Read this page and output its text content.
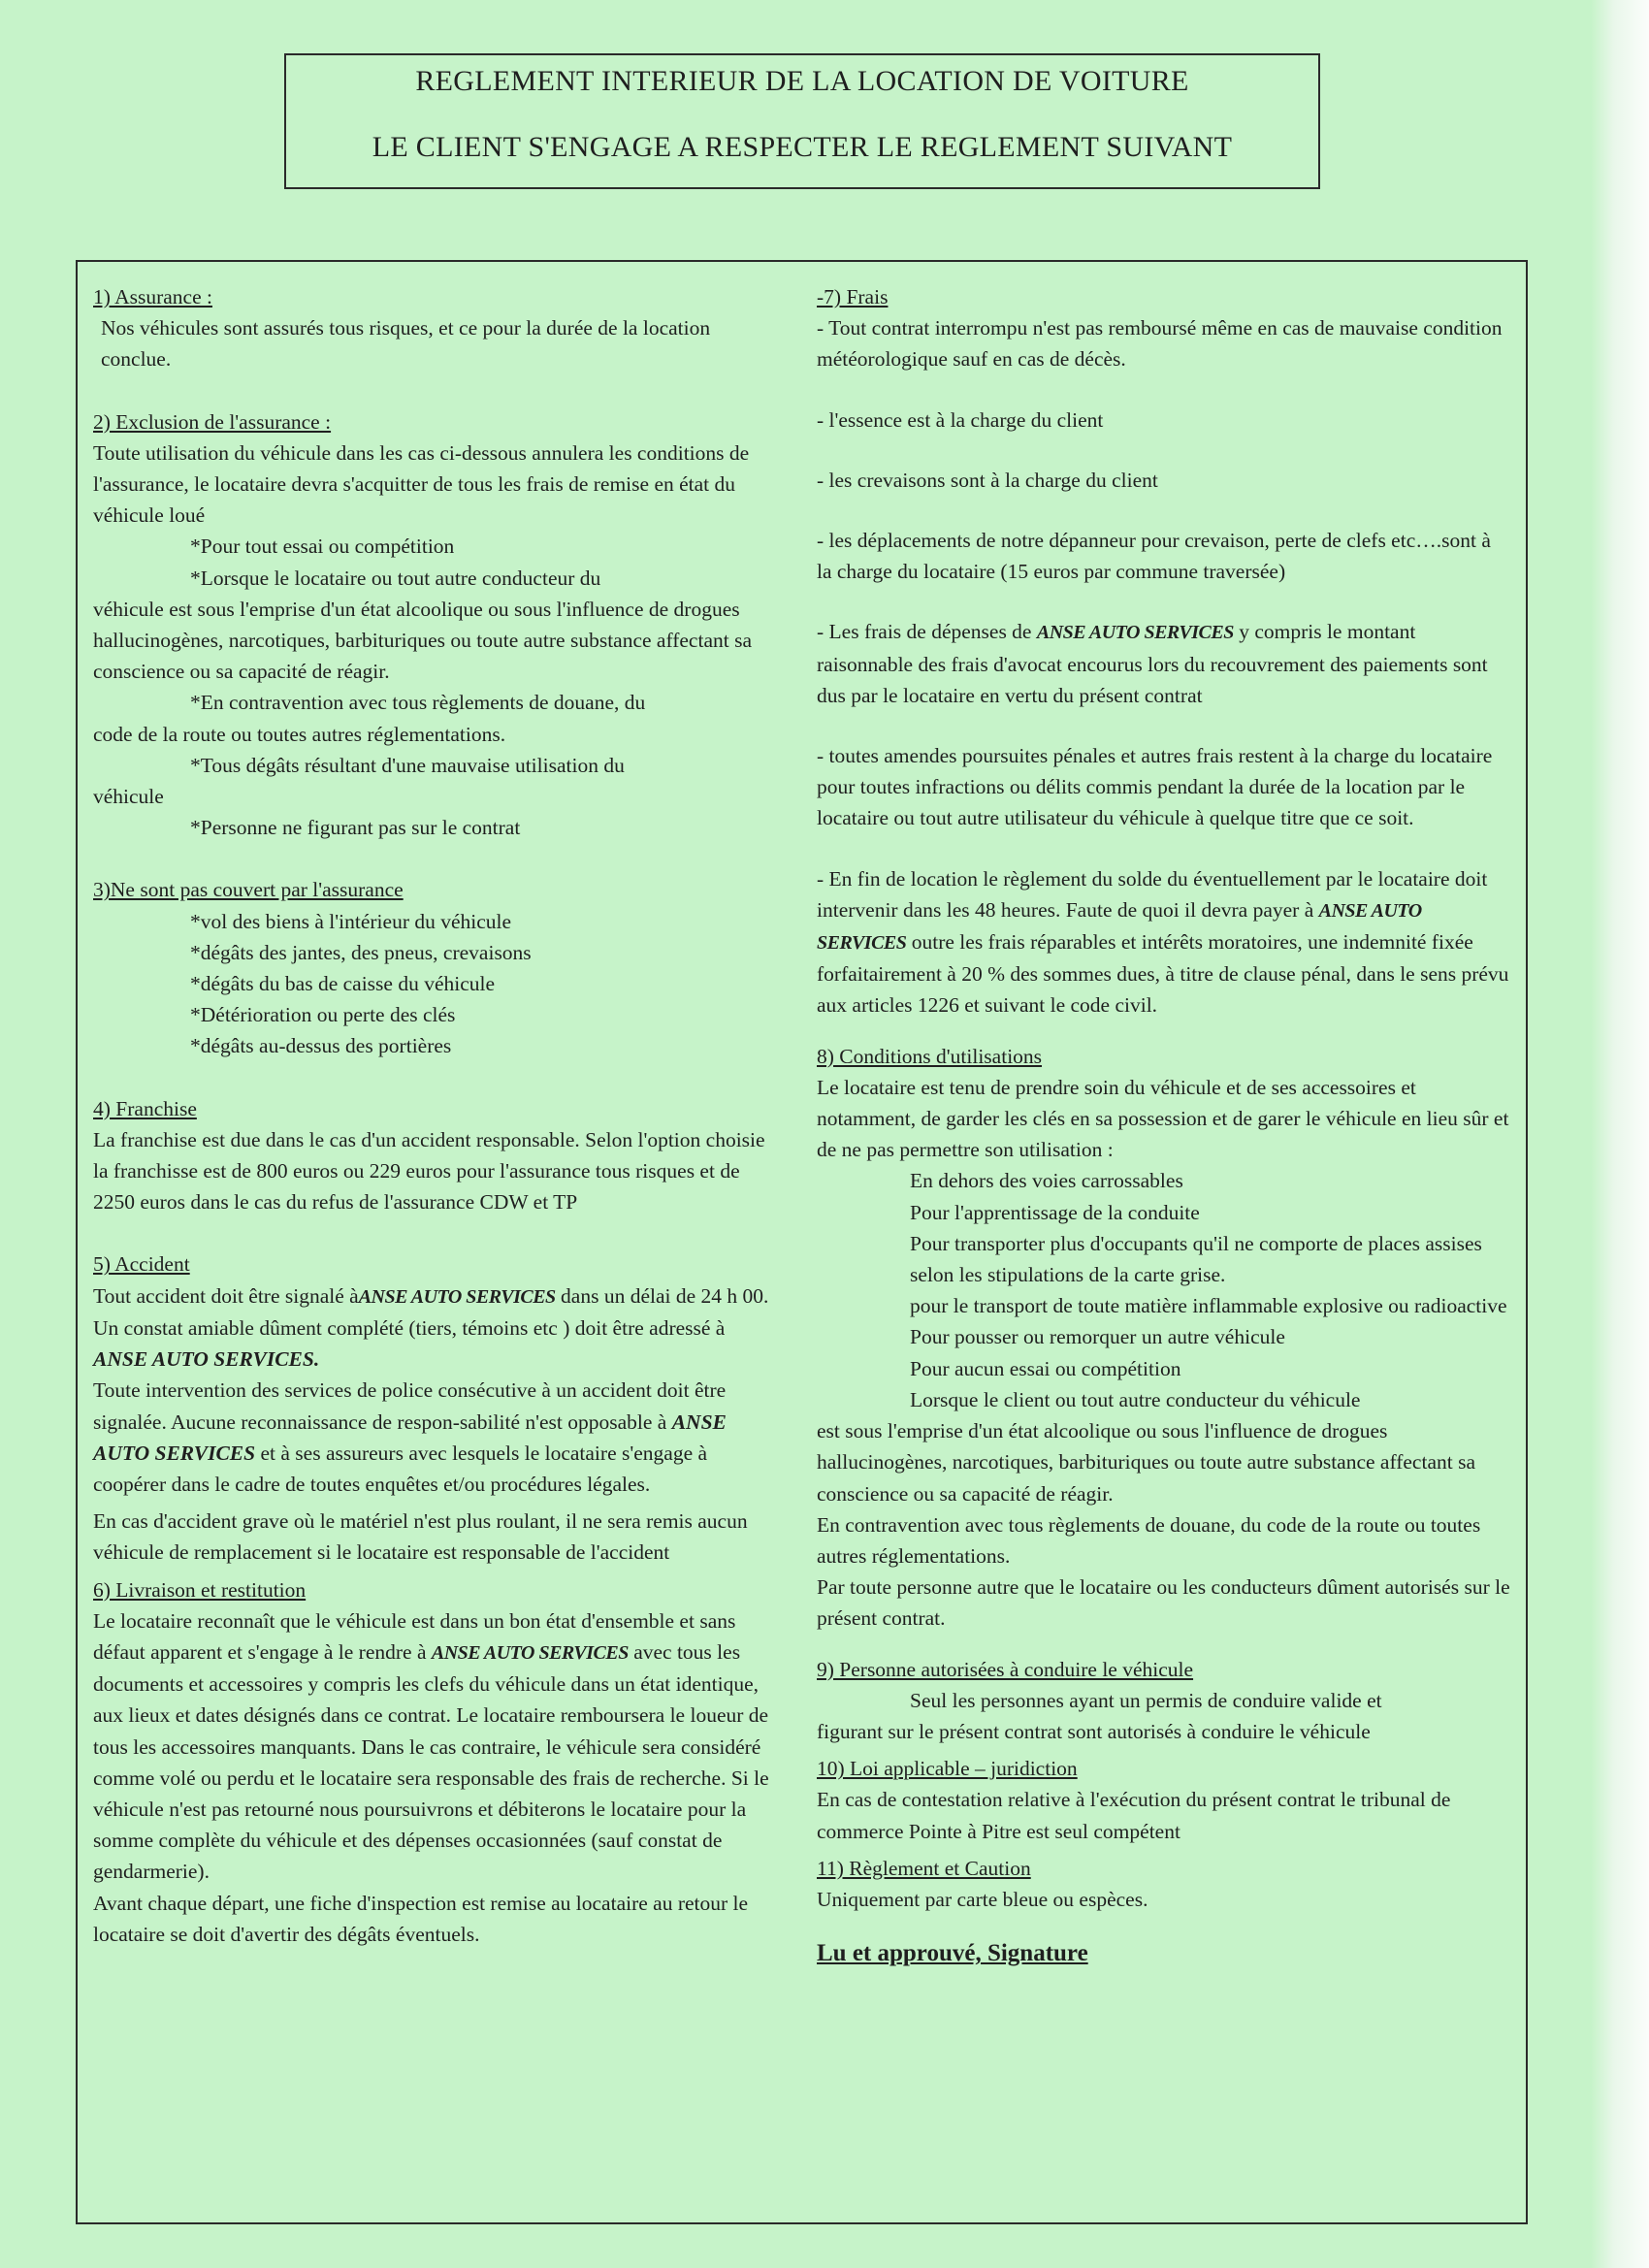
REGLEMENT INTERIEUR DE LA LOCATION DE VOITURE
LE CLIENT S'ENGAGE A RESPECTER LE REGLEMENT SUIVANT
1) Assurance :

Nos véhicules sont assurés tous risques, et ce pour la durée de la location conclue.

2) Exclusion de l'assurance :

Toute utilisation du véhicule dans les cas ci-dessous annulera les conditions de l'assurance, le locataire devra s'acquitter de tous les frais de remise en état du véhicule loué

*Pour tout essai ou compétition

*Lorsque le locataire ou tout autre conducteur du

véhicule est sous l'emprise d'un état alcoolique ou sous l'influence de drogues hallucinogènes, narcotiques, barbituriques ou toute autre substance affectant sa conscience ou sa capacité de réagir.

*En contravention avec tous règlements de douane, du

code de la route ou toutes autres réglementations.

*Tous dégâts résultant d'une mauvaise utilisation du

véhicule

*Personne ne figurant pas sur le contrat

3)Ne sont pas couvert par l'assurance

*vol des biens à l'intérieur du véhicule

*dégâts des jantes, des pneus, crevaisons

*dégâts du bas de caisse du véhicule

*Détérioration ou perte des clés

*dégâts au-dessus des portières

4) Franchise

La franchise est due dans le cas d'un accident responsable. Selon l'option choisie la franchisse est de 800 euros ou 229 euros pour l'assurance tous risques et de 2250 euros dans le cas du refus de l'assurance CDW et TP

5) Accident

Tout accident doit être signalé àANSE AUTO SERVICES dans un délai de 24 h 00.

Un constat amiable dûment complété (tiers, témoins etc ) doit être adressé à ANSE AUTO SERVICES.

Toute intervention des services de police consécutive à un accident doit être signalée. Aucune reconnaissance de respon-sabilité n'est opposable à ANSE AUTO SERVICES et à ses assureurs avec lesquels le locataire s'engage à coopérer dans le cadre de toutes enquêtes et/ou procédures légales.

En cas d'accident grave où le matériel n'est plus roulant, il ne sera remis aucun véhicule de remplacement si le locataire est responsable de l'accident

6) Livraison et restitution

Le locataire reconnaît que le véhicule est dans un bon état d'ensemble et sans défaut apparent et s'engage à le rendre à ANSE AUTO SERVICES avec tous les documents et accessoires y compris les clefs du véhicule dans un état identique, aux lieux et dates désignés dans ce contrat. Le locataire remboursera le loueur de tous les accessoires manquants. Dans le cas contraire, le véhicule sera considéré comme volé ou perdu et le locataire sera responsable des frais de recherche. Si le véhicule n'est pas retourné nous poursuivrons et débiterons le locataire pour la somme complète du véhicule et des dépenses occasionnées (sauf constat de gendarmerie).

Avant chaque départ, une fiche d'inspection est remise au locataire au retour le locataire se doit d'avertir des dégâts éventuels.

-7) Frais

- Tout contrat interrompu n'est pas remboursé même en cas de mauvaise condition météorologique sauf en cas de décès.

- l'essence est à la charge du client

- les crevaisons sont à la charge du client

- les déplacements de notre dépanneur pour crevaison, perte de clefs etc….sont à la charge du locataire (15 euros par commune traversée)

- Les frais de dépenses de ANSE AUTO SERVICES y compris le montant raisonnable des frais d'avocat encourus lors du recouvrement des paiements sont dus par le locataire en vertu du présent contrat

- toutes amendes poursuites pénales et autres frais restent à la charge du locataire pour toutes infractions ou délits commis pendant la durée de la location par le locataire ou tout autre utilisateur du véhicule à quelque titre que ce soit.

- En fin de location le règlement du solde du éventuellement par le locataire doit intervenir dans les 48 heures. Faute de quoi il devra payer à ANSE AUTO SERVICES outre les frais réparables et intérêts moratoires, une indemnité fixée forfaitairement à 20 % des sommes dues, à titre de clause pénal, dans le sens prévu aux articles 1226 et suivant le code civil.

8) Conditions d'utilisations

Le locataire est tenu de prendre soin du véhicule et de ses accessoires et notamment, de garder les clés en sa possession et de garer le véhicule en lieu sûr et de ne pas permettre son utilisation :

En dehors des voies carrossables

Pour l'apprentissage de la conduite

Pour transporter plus d'occupants qu'il ne comporte de places assises selon les stipulations de la carte grise.

pour le transport de toute matière inflammable explosive ou radioactive

Pour pousser ou remorquer un autre véhicule

Pour aucun essai ou compétition

Lorsque le client ou tout autre conducteur du véhicule

est sous l'emprise d'un état alcoolique ou sous l'influence de drogues hallucinogènes, narcotiques, barbituriques ou toute autre substance affectant sa conscience ou sa capacité de réagir.

En contravention avec tous règlements de douane, du code de la route ou toutes autres réglementations.

Par toute personne autre que le locataire ou les conducteurs dûment autorisés sur le présent contrat.

9) Personne autorisées à conduire le véhicule

Seul les personnes ayant un permis de conduire valide et

figurant sur le présent contrat sont autorisés à conduire le véhicule

10) Loi applicable – juridiction

En cas de contestation relative à l'exécution du présent contrat le tribunal de commerce Pointe à Pitre est seul compétent

11) Règlement et Caution

Uniquement par carte bleue ou espèces.

Lu et approuvé, Signature
